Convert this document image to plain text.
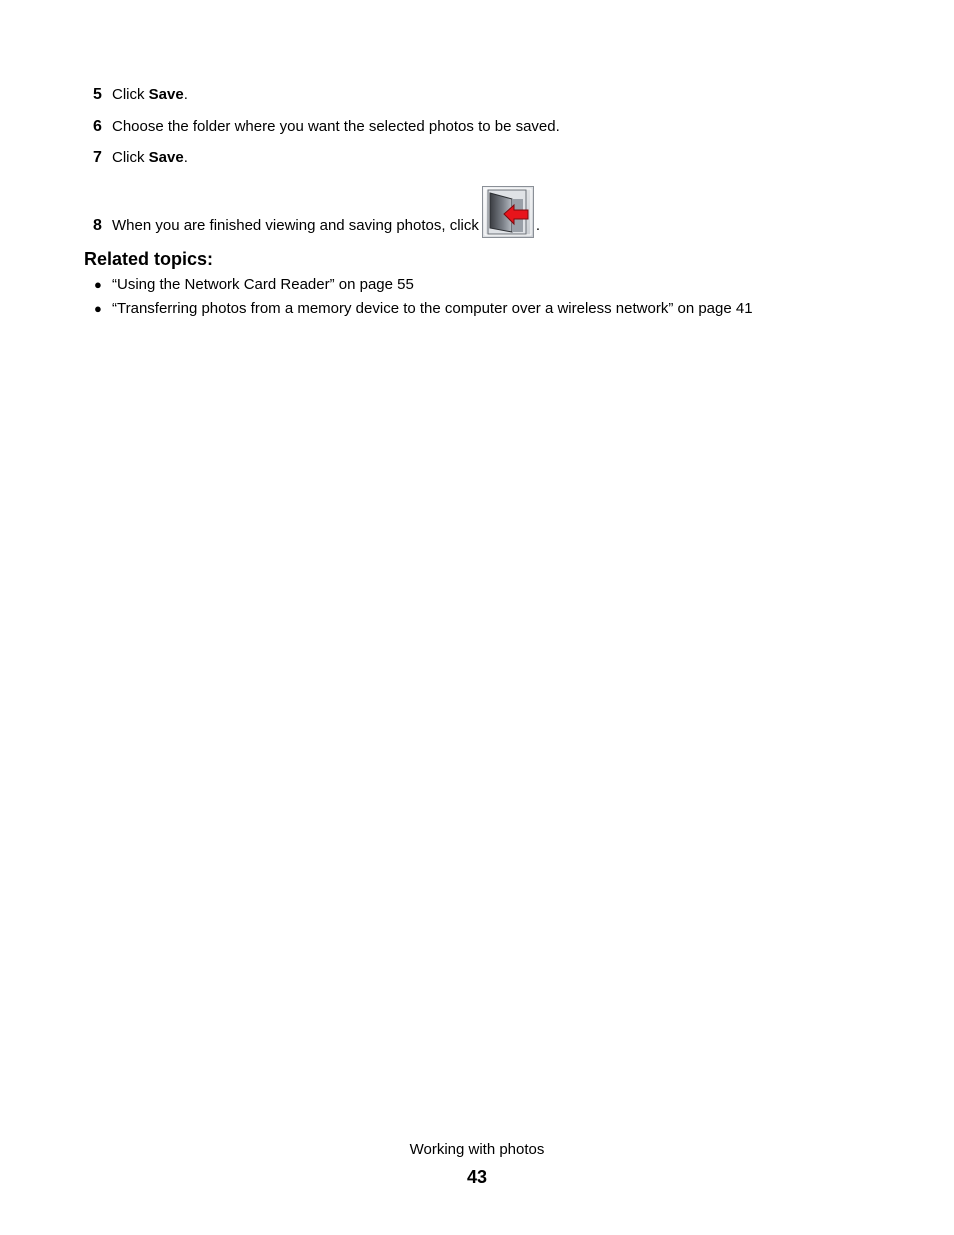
5 Click Save.
6 Choose the folder where you want the selected photos to be saved.
7 Click Save.
8 When you are finished viewing and saving photos, click	.
Related topics:
● “Using the Network Card Reader” on page 55
● “Transferring photos from a memory device to the computer over a wireless network” on page 41
Working with photos
43
